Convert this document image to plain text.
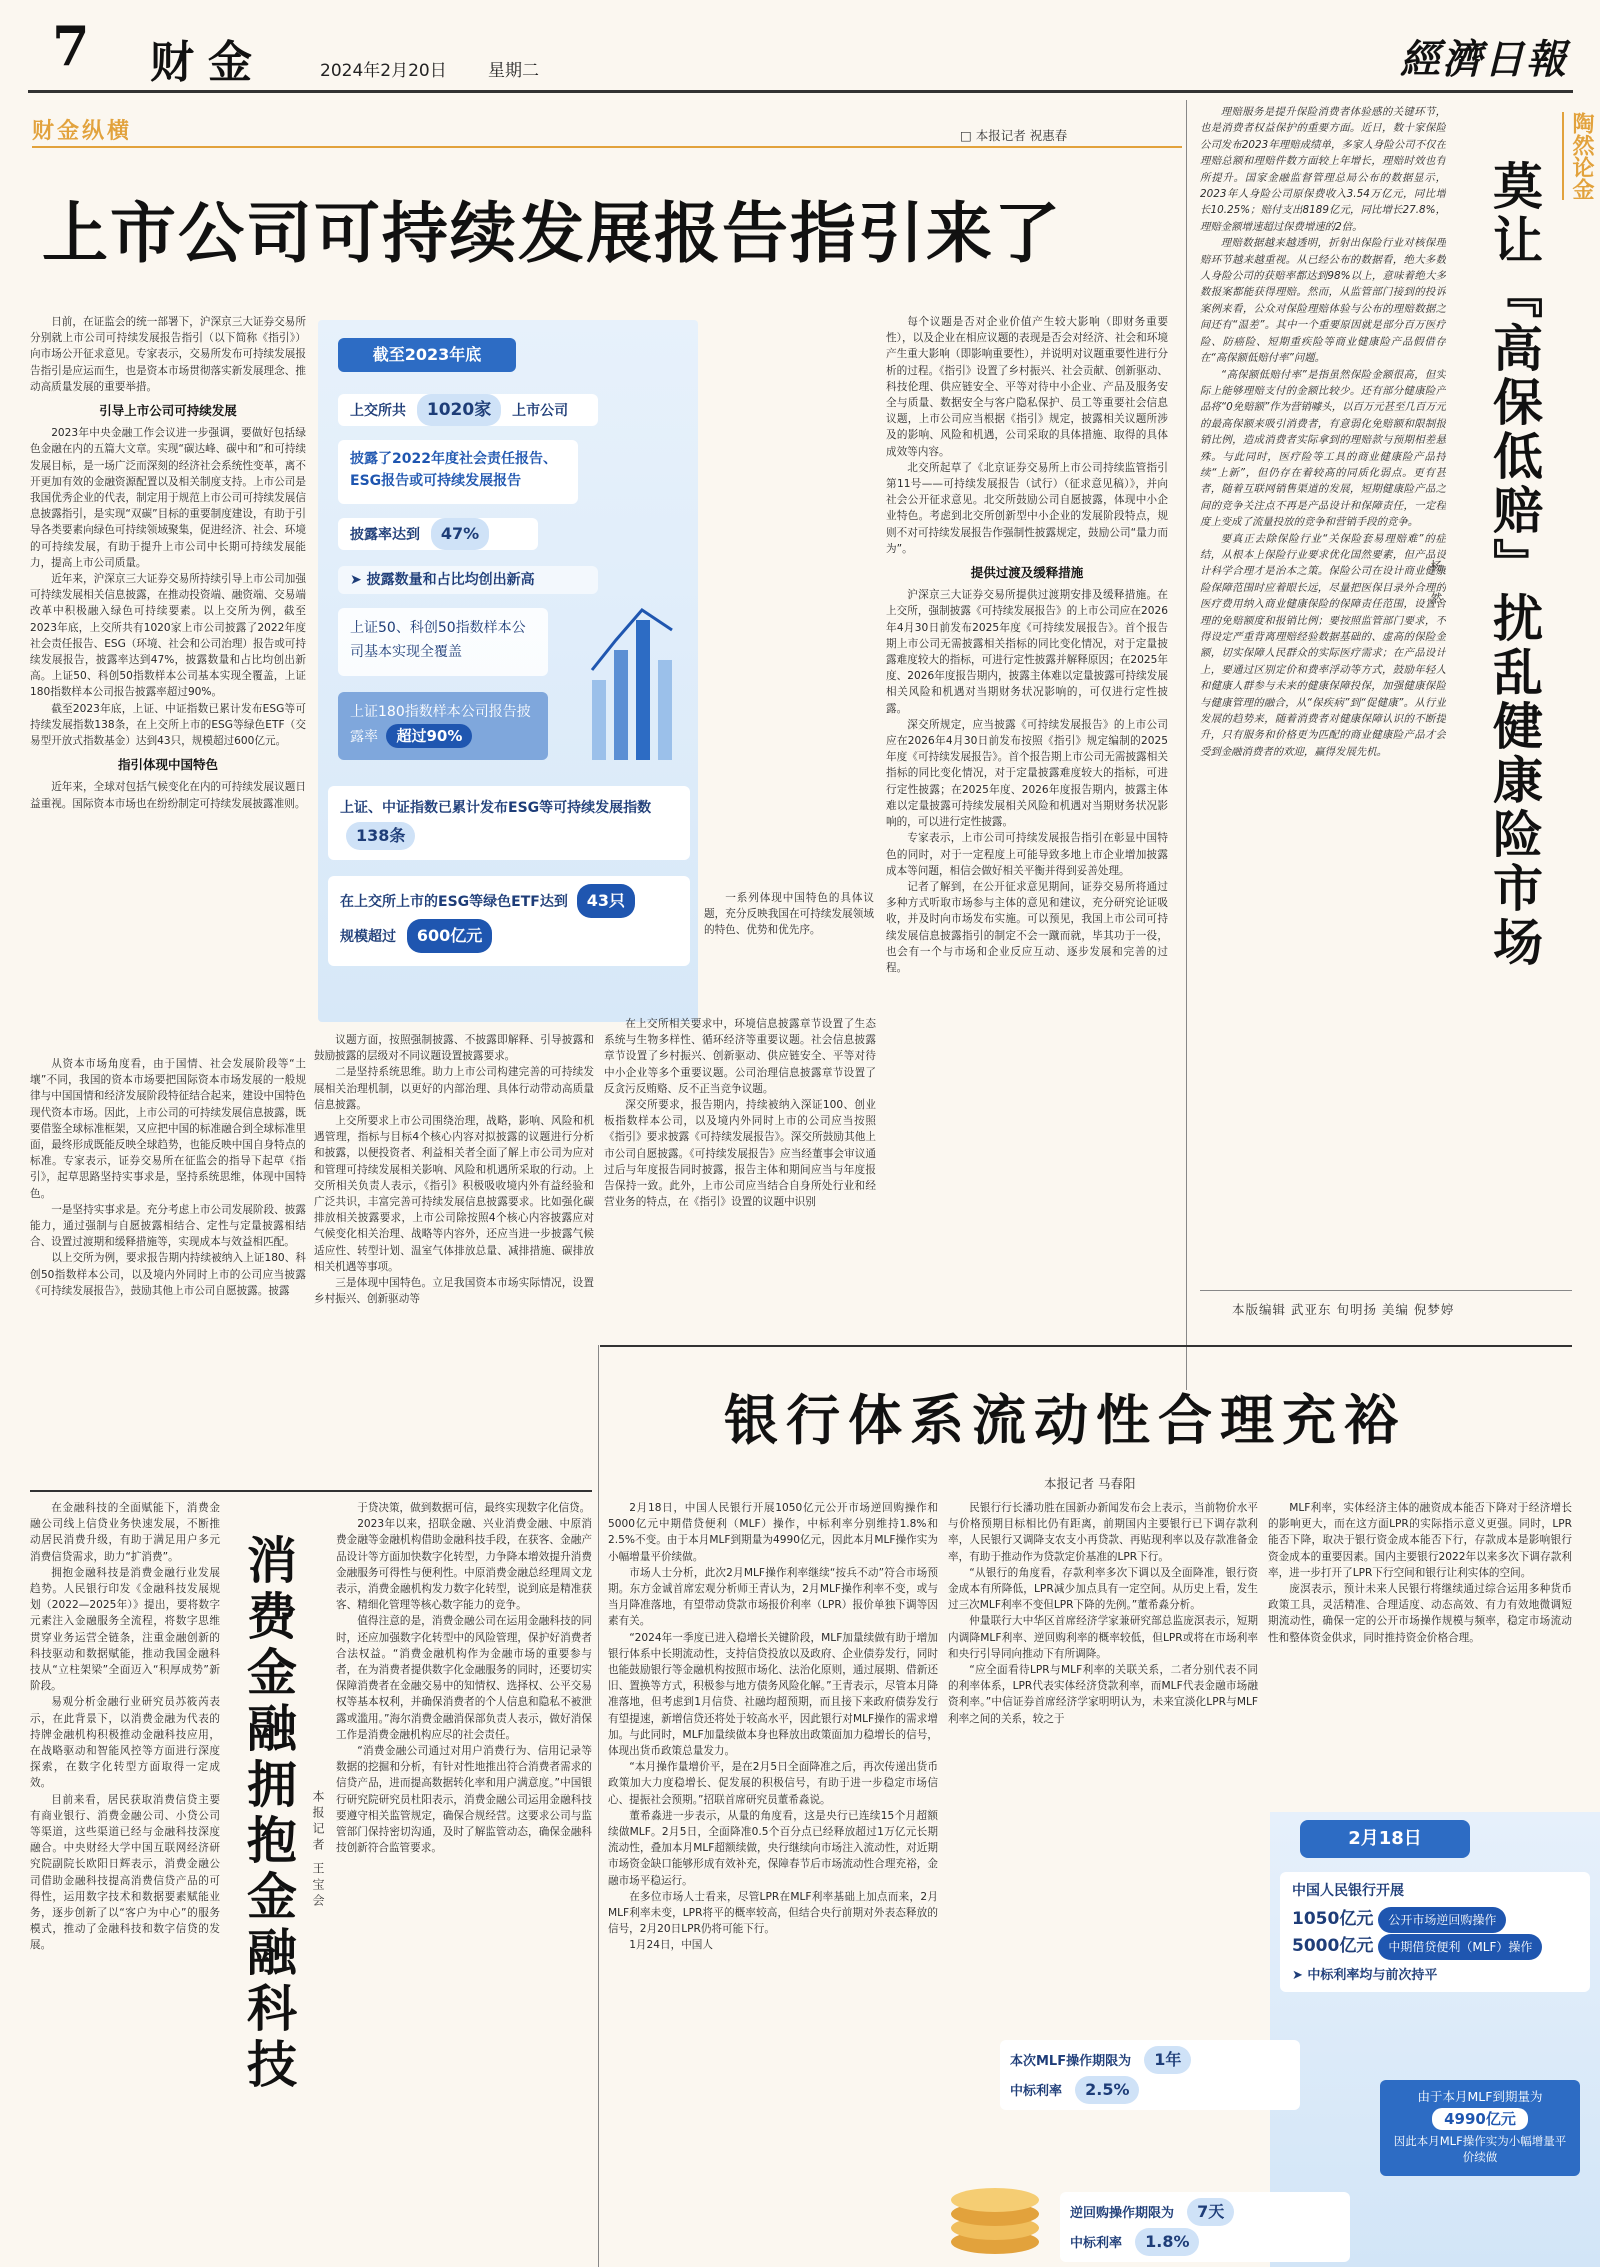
7 财金	2024年2月20日 星期二	經濟日報
财金纵横	□ 本报记者 祝惠春
上市公司可持续发展报告指引来了

日前，在证监会的统一部署下，沪深京三大证券交易所分别就上市公司可持续发展报告指引（以下简称《指引》）向市场公开征求意见。专家表示，交易所发布可持续发展报告指引是应运而生，也是资本市场贯彻落实新发展理念、推动高质量发展的重要举措。

引导上市公司可持续发展

2023年中央金融工作会议进一步强调，要做好包括绿色金融在内的五篇大文章。实现“碳达峰、碳中和”和可持续发展目标，是一场广泛而深刻的经济社会系统性变革，离不开更加有效的金融资源配置以及相关制度支持。上市公司是我国优秀企业的代表，制定用于规范上市公司可持续发展信息披露指引，是实现“双碳”目标的重要制度建设，有助于引导各类要素向绿色可持续领域聚集，促进经济、社会、环境的可持续发展，有助于提升上市公司中长期可持续发展能力，提高上市公司质量。

近年来，沪深京三大证券交易所持续引导上市公司加强可持续发展相关信息披露，在推动投资端、融资端、交易端改革中积极融入绿色可持续要素。以上交所为例，截至2023年底，上交所共有1020家上市公司披露了2022年度社会责任报告、ESG（环境、社会和公司治理）报告或可持续发展报告，披露率达到47%，披露数量和占比均创出新高。上证50、科创50指数样本公司基本实现全覆盖，上证180指数样本公司报告披露率超过90%。

截至2023年底，上证、中证指数已累计发布ESG等可持续发展指数138条，在上交所上市的ESG等绿色ETF（交易型开放式指数基金）达到43只，规模超过600亿元。

指引体现中国特色

近年来，全球对包括气候变化在内的可持续发展议题日益重视。国际资本市场也在纷纷制定可持续发展披露准则。

从资本市场角度看，由于国情、社会发展阶段等“土壤”不同，我国的资本市场要把国际资本市场发展的一般规律与中国国情和经济发展阶段特征结合起来，建设中国特色现代资本市场。因此，上市公司的可持续发展信息披露，既要借鉴全球标准框架，又应把中国的标准融合到全球标准里面，最终形成既能反映全球趋势，也能反映中国自身特点的标准。专家表示，证券交易所在征监会的指导下起草《指引》，起草思路坚持实事求是，坚持系统思维，体现中国特色。

一是坚持实事求是。充分考虑上市公司发展阶段、披露能力，通过强制与自愿披露相结合、定性与定量披露相结合、设置过渡期和缓释措施等，实现成本与效益相匹配。

以上交所为例，要求报告期内持续被纳入上证180、科创50指数样本公司，以及境内外同时上市的公司应当披露《可持续发展报告》，鼓励其他上市公司自愿披露。披露

截至2023年底
上交所共 1020家 上市公司
披露了2022年度社会责任报告、ESG报告或可持续发展报告
披露率达到 47%
➤ 披露数量和占比均创出新高
上证50、科创50指数样本公司基本实现全覆盖
上证180指数样本公司报告披露率 超过90%
上证、中证指数已累计发布ESG等可持续发展指数 138条
在上交所上市的ESG等绿色ETF达到 43只
规模超过 600亿元

一系列体现中国特色的具体议题，充分反映我国在可持续发展领域的特色、优势和优先序。

议题方面，按照强制披露、不披露即解释、引导披露和鼓励披露的层级对不同议题设置披露要求。

二是坚持系统思维。助力上市公司构建完善的可持续发展相关治理机制，以更好的内部治理、具体行动带动高质量信息披露。

上交所要求上市公司围绕治理，战略，影响、风险和机遇管理，指标与目标4个核心内容对拟披露的议题进行分析和披露，以便投资者、利益相关者全面了解上市公司为应对和管理可持续发展相关影响、风险和机遇所采取的行动。上交所相关负责人表示，《指引》积极吸收境内外有益经验和广泛共识，丰富完善可持续发展信息披露要求。比如强化碳排放相关披露要求，上市公司除按照4个核心内容披露应对气候变化相关治理、战略等内容外，还应当进一步披露气候适应性、转型计划、温室气体排放总量、减排措施、碳排放相关机遇等事项。

三是体现中国特色。立足我国资本市场实际情况，设置乡村振兴、创新驱动等

在上交所相关要求中，环境信息披露章节设置了生态系统与生物多样性、循环经济等重要议题。社会信息披露章节设置了乡村振兴、创新驱动、供应链安全、平等对待中小企业等多个重要议题。公司治理信息披露章节设置了反贪污反贿赂、反不正当竞争议题。

深交所要求，报告期内，持续被纳入深证100、创业板指数样本公司，以及境内外同时上市的公司应当按照《指引》要求披露《可持续发展报告》。深交所鼓励其他上市公司自愿披露。《可持续发展报告》应当经董事会审议通过后与年度报告同时披露，报告主体和期间应当与年度报告保持一致。此外，上市公司应当结合自身所处行业和经营业务的特点，在《指引》设置的议题中识别

每个议题是否对企业价值产生较大影响（即财务重要性），以及企业在相应议题的表现是否会对经济、社会和环境产生重大影响（即影响重要性），并说明对议题重要性进行分析的过程。《指引》设置了乡村振兴、社会贡献、创新驱动、科技伦理、供应链安全、平等对待中小企业、产品及服务安全与质量、数据安全与客户隐私保护、员工等重要社会信息议题，上市公司应当根据《指引》规定，披露相关议题所涉及的影响、风险和机遇，公司采取的具体措施、取得的具体成效等内容。

北交所起草了《北京证券交易所上市公司持续监管指引第11号——可持续发展报告（试行）（征求意见稿）》，并向社会公开征求意见。北交所鼓励公司自愿披露，体现中小企业特色。考虑到北交所创新型中小企业的发展阶段特点，规则不对可持续发展报告作强制性披露规定，鼓励公司“量力而为”。

提供过渡及缓释措施

沪深京三大证券交易所提供过渡期安排及缓释措施。在上交所，强制披露《可持续发展报告》的上市公司应在2026年4月30日前发布2025年度《可持续发展报告》。首个报告期上市公司无需披露相关指标的同比变化情况，对于定量披露难度较大的指标，可进行定性披露并解释原因；在2025年度、2026年度报告期内，披露主体难以定量披露可持续发展相关风险和机遇对当期财务状况影响的，可仅进行定性披露。

深交所规定，应当披露《可持续发展报告》的上市公司应在2026年4月30日前发布按照《指引》规定编制的2025年度《可持续发展报告》。首个报告期上市公司无需披露相关指标的同比变化情况，对于定量披露难度较大的指标，可进行定性披露；在2025年度、2026年度报告期内，披露主体难以定量披露可持续发展相关风险和机遇对当期财务状况影响的，可以进行定性披露。

专家表示，上市公司可持续发展报告指引在彰显中国特色的同时，对于一定程度上可能导致多地上市企业增加披露成本等问题，相信会做好相关平衡并得到妥善处理。

记者了解到，在公开征求意见期间，证券交易所将通过多种方式听取市场参与主体的意见和建议，充分研究论证吸收，并及时向市场发布实施。可以预见，我国上市公司可持续发展信息披露指引的制定不会一蹴而就，毕其功于一役，也会有一个与市场和企业反应互动、逐步发展和完善的过程。

理赔服务是提升保险消费者体验感的关键环节，也是消费者权益保护的重要方面。近日，数十家保险公司发布2023年理赔成绩单，多家人身险公司不仅在理赔总额和理赔件数方面较上年增长，理赔时效也有所提升。国家金融监督管理总局公布的数据显示，2023年人身险公司原保费收入3.54万亿元，同比增长10.25%；赔付支出8189亿元，同比增长27.8%，理赔金额增速超过保费增速的2倍。

理赔数据越来越透明，折射出保险行业对核保理赔环节越来越重视。从已经公布的数据看，绝大多数人身险公司的获赔率都达到98%以上，意味着绝大多数报案都能获得理赔。然而，从监管部门接到的投诉案例来看，公众对保险理赔体验与公布的理赔数据之间还有“温差”。其中一个重要原因就是部分百万医疗险、防癌险、短期重疾险等商业健康险产品假借存在“高保额低赔付率”问题。

“高保额低赔付率”是指虽然保险金额很高，但实际上能够理赔支付的金额比较少。还有部分健康险产品将“0免赔额”作为营销噱头，以百万元甚至几百万元的最高保额来吸引消费者，有意弱化免赔额和限制报销比例，造成消费者实际拿到的理赔款与预期相差悬殊。与此同时，医疗险等工具的商业健康险产品持续“上新”，但仍存在着较高的同质化弱点。更有甚者，随着互联网销售渠道的发展，短期健康险产品之间的竞争关注点不再是产品设计和保障责任，一定程度上变成了流量投放的竞争和营销手段的竞争。

要真正去除保险行业“关保险套易理赔难”的症结，从根本上保险行业要求优化国然要素，但产品设计科学合理才是治本之策。保险公司在设计商业健康险保障范围时应着眼长远，尽量把医保目录外合理的医疗费用纳入商业健康保险的保障责任范围，设置合理的免赔额度和报销比例；要按照监管部门要求，不得设定严重背离理赔经验数据基础的、虚高的保险金额，切实保障人民群众的实际医疗需求；在产品设计上，要通过区别定价和费率浮动等方式，鼓励年轻人和健康人群参与未来的健康保障投保，加强健康保险与健康管理的融合，从“保疾病”到“促健康”。从行业发展的趋势来，随着消费者对健康保障认识的不断提升，只有服务和价格更为匹配的商业健康险产品才会受到金融消费者的欢迎，赢得发展先机。

杨然
陶然论金
莫让『高保低赔』扰乱健康险市场
本版编辑 武亚东 旬明扬 美编 倪梦婷
银行体系流动性合理充裕
本报记者 马春阳

2月18日，中国人民银行开展1050亿元公开市场逆回购操作和5000亿元中期借贷便利（MLF）操作，中标利率分别维持1.8%和2.5%不变。由于本月MLF到期量为4990亿元，因此本月MLF操作实为小幅增量平价续做。

市场人士分析，此次2月MLF操作利率继续“按兵不动”符合市场预期。东方金诚首席宏观分析师王青认为，2月MLF操作利率不变，或与当月降准落地，有望带动贷款市场报价利率（LPR）报价单独下调等因素有关。

“2024年一季度已进入稳增长关键阶段，MLF加量续做有助于增加银行体系中长期流动性，支持信贷投放以及政府、企业债券发行，同时也能鼓励银行等金融机构按照市场化、法治化原则，通过展期、借新还旧、置换等方式，积极参与地方债务风险化解。”王青表示，尽管本月降准落地，但考虑到1月信贷、社融均超预期，而且接下来政府债券发行有望提速，新增信贷还将处于较高水平，因此银行对MLF操作的需求增加。与此同时，MLF加量续做本身也释放出政策面加力稳增长的信号，体现出货币政策总量发力。

“本月操作量增价平，是在2月5日全面降准之后，再次传递出货币政策加大力度稳增长、促发展的积极信号，有助于进一步稳定市场信心、提振社会预期。”招联首席研究员董希淼说。

董希淼进一步表示，从量的角度看，这是央行已连续15个月超额续做MLF。2月5日，全面降准0.5个百分点已经释放超过1万亿元长期流动性，叠加本月MLF超额续做，央行继续向市场注入流动性，对近期市场资金缺口能够形成有效补充，保障春节后市场流动性合理充裕，金融市场平稳运行。

在多位市场人士看来，尽管LPR在MLF利率基础上加点而来，2月MLF利率未变，LPR将平的概率较高，但结合央行前期对外表态释放的信号，2月20日LPR仍将可能下行。

1月24日，中国人

民银行行长潘功胜在国新办新闻发布会上表示，当前物价水平与价格预期目标相比仍有距离，前期国内主要银行已下调存款利率，人民银行又调降支农支小再贷款、再贴现利率以及存款准备金率，有助于推动作为贷款定价基准的LPR下行。

“从银行的角度看，存款利率多次下调以及全面降准，银行资金成本有所降低，LPR减少加点具有一定空间。从历史上看，发生过三次MLF利率不变但LPR下降的先例。”董希淼分析。

仲量联行大中华区首席经济学家兼研究部总监庞溟表示，短期内调降MLF利率、逆回购利率的概率较低，但LPR或将在市场利率和央行引导同向推动下有所调降。

“应全面看待LPR与MLF利率的关联关系，二者分别代表不同的利率体系，LPR代表实体经济贷款利率，而MLF代表金融市场融资利率。”中信证券首席经济学家明明认为，未来宜淡化LPR与MLF利率之间的关系，较之于

MLF利率，实体经济主体的融资成本能否下降对于经济增长的影响更大，而在这方面LPR的实际指示意义更强。同时，LPR能否下降，取决于银行资金成本能否下行，存款成本是影响银行资金成本的重要因素。国内主要银行2022年以来多次下调存款利率，进一步打开了LPR下行空间和银行让利实体的空间。

庞溟表示，预计未来人民银行将继续通过综合运用多种货币政策工具，灵活精准、合理适度、动态高效、有力有效地微调短期流动性，确保一定的公开市场操作规模与频率，稳定市场流动性和整体资金供求，同时推持资金价格合理。

2月18日
中国人民银行开展
1050亿元 公开市场逆回购操作
5000亿元 中期借贷便利（MLF）操作
➤ 中标利率均与前次持平
本次MLF操作期限为 1年
中标利率 2.5%	由于本月MLF到期量为
4990亿元
因此本月MLF操作实为小幅增量平价续做
逆回购操作期限为 7天
中标利率 1.8%

在金融科技的全面赋能下，消费金融公司线上信贷业务快速发展，不断推动居民消费升级，有助于满足用户多元消费信贷需求，助力“扩消费”。

拥抱金融科技是消费金融行业发展趋势。人民银行印发《金融科技发展规划（2022—2025年）》提出，要将数字元素注入金融服务全流程，将数字思维贯穿业务运营全链条，注重金融创新的科技驱动和数据赋能，推动我国金融科技从“立柱架梁”全面迈入“积厚成势”新阶段。

易观分析金融行业研究员苏筱芮表示，在此背景下，以消费金融为代表的持牌金融机构积极推动金融科技应用，在战略驱动和智能风控等方面进行深度探索，在数字化转型方面取得一定成效。

目前来看，居民获取消费信贷主要有商业银行、消费金融公司、小贷公司等渠道，这些渠道已经与金融科技深度融合。中央财经大学中国互联网经济研究院副院长欧阳日辉表示，消费金融公司借助金融科技提高消费信贷产品的可得性，运用数字技术和数据要素赋能业务，逐步创新了以“客户为中心”的服务模式，推动了金融科技和数字信贷的发展。	消费金融拥抱金融科技	本报记者 王宝会

于贷决策，做到数据可信，最终实现数字化信贷。

2023年以来，招联金融、兴业消费金融、中原消费金融等金融机构借助金融科技手段，在获客、金融产品设计等方面加快数字化转型，力争降本增效提升消费金融服务可得性与便利性。中原消费金融总经理周文龙表示，消费金融机构发力数字化转型，说到底是精准获客、精细化管理等核心数字能力的竞争。

值得注意的是，消费金融公司在运用金融科技的同时，还应加强数字化转型中的风险管理，保护好消费者合法权益。“消费金融机构作为金融市场的重要参与者，在为消费者提供数字化金融服务的同时，还要切实保障消费者在金融交易中的知情权、选择权、公平交易权等基本权利，并确保消费者的个人信息和隐私不被泄露或滥用。”海尔消费金融消保部负责人表示，做好消保工作是消费金融机构应尽的社会责任。

“消费金融公司通过对用户消费行为、信用记录等数据的挖掘和分析，有针对性地推出符合消费者需求的信贷产品，进而提高数据转化率和用户满意度。”中国银行研究院研究员杜阳表示，消费金融公司运用金融科技要遵守相关监管规定，确保合规经营。这要求公司与监管部门保持密切沟通，及时了解监管动态，确保金融科技创新符合监管要求。
